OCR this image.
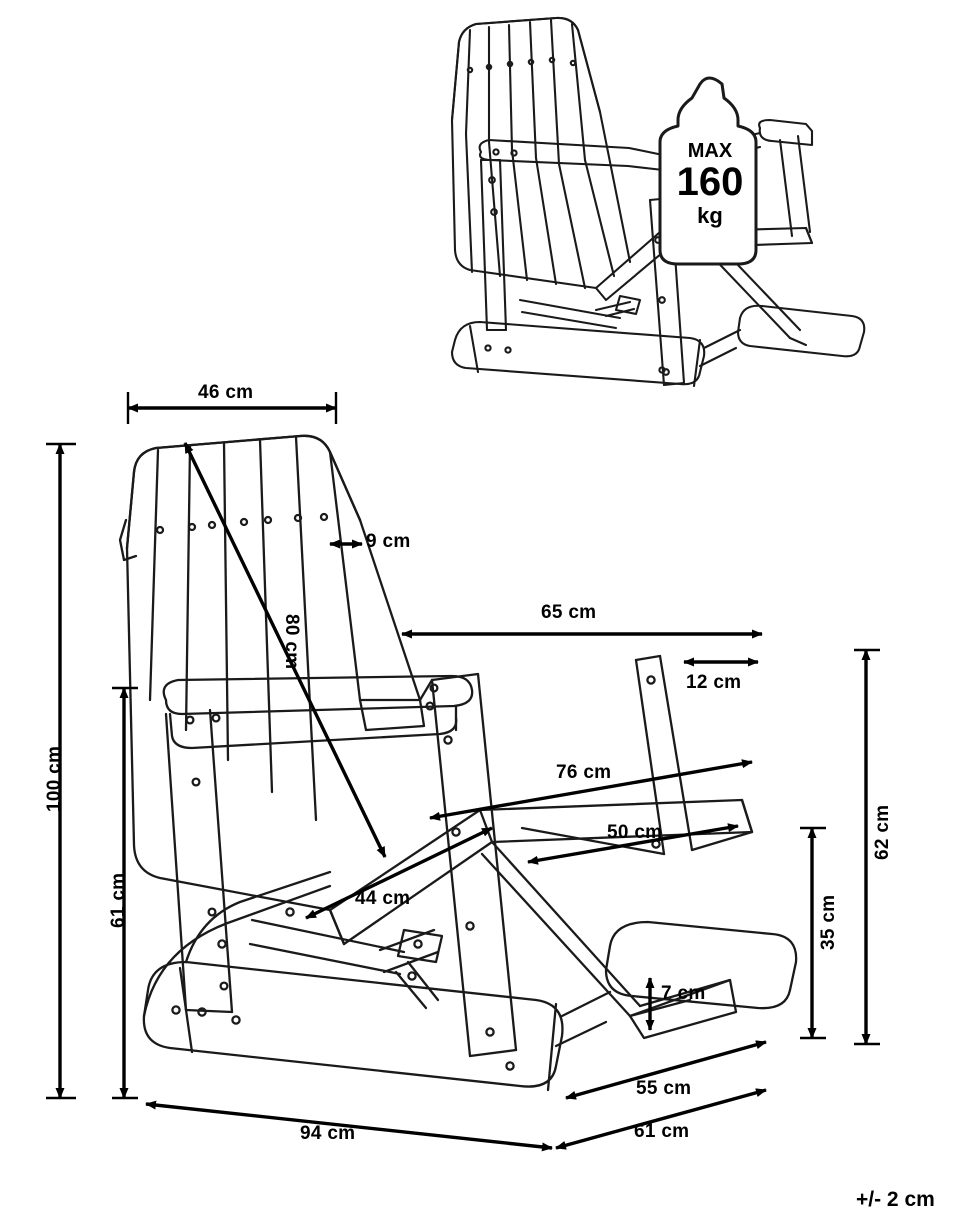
MAX
160
kg
46 cm
9 cm
80 cm
100 cm
61 cm
65 cm
12 cm
76 cm
50 cm
44 cm	35 cm
62 cm
7 cm
55 cm
94 cm	61 cm
+/- 2 cm
